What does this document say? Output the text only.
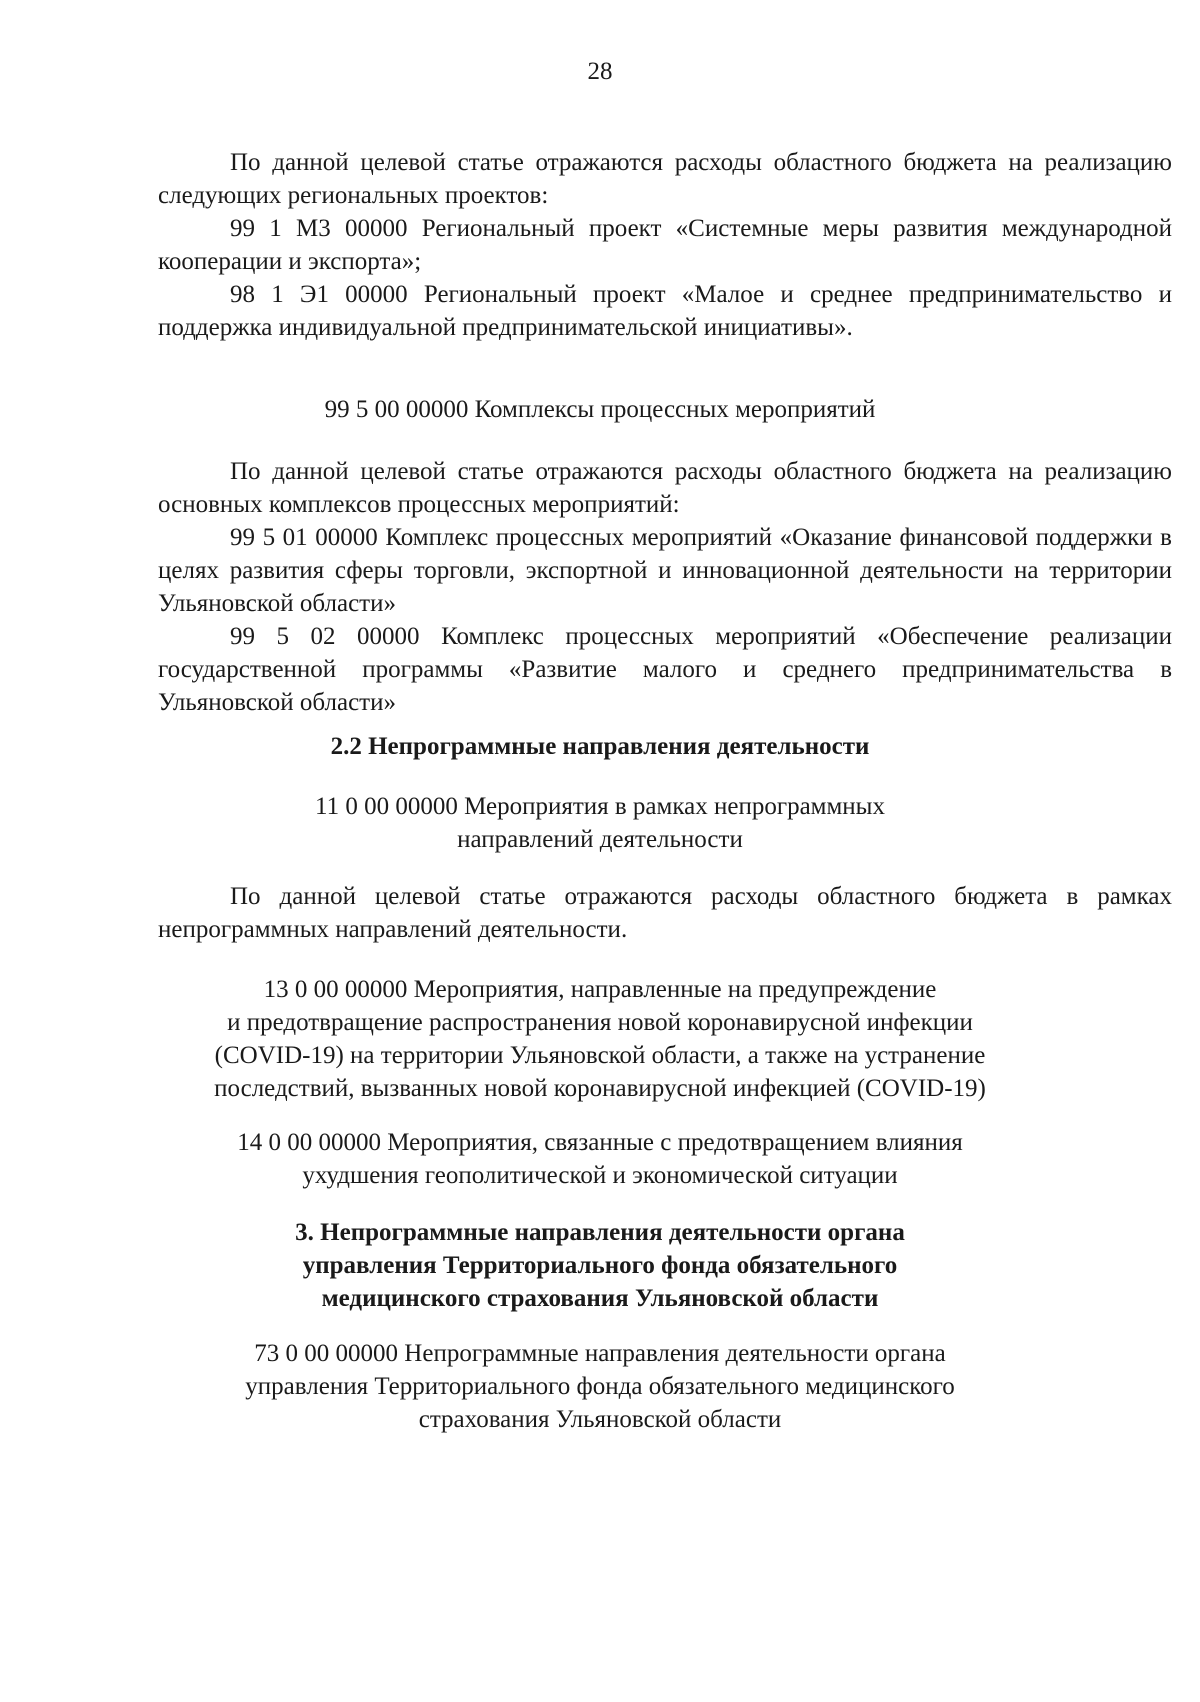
28

По данной целевой статье отражаются расходы областного бюджета на реализацию следующих региональных проектов:

99 1 М3 00000 Региональный проект «Системные меры развития международной кооперации и экспорта»;

98 1 Э1 00000 Региональный проект «Малое и среднее предпринимательство и поддержка индивидуальной предпринимательской инициативы».

99 5 00 00000 Комплексы процессных мероприятий

По данной целевой статье отражаются расходы областного бюджета на реализацию основных комплексов процессных мероприятий:

99 5 01 00000 Комплекс процессных мероприятий «Оказание финансовой поддержки в целях развития сферы торговли, экспортной и инновационной деятельности на территории Ульяновской области»

99 5 02 00000 Комплекс процессных мероприятий «Обеспечение реализации государственной программы «Развитие малого и среднего предпринимательства в Ульяновской области»

2.2 Непрограммные направления деятельности

11 0 00 00000 Мероприятия в рамках непрограммных
направлений деятельности

По данной целевой статье отражаются расходы областного бюджета в рамках непрограммных направлений деятельности.

13 0 00 00000 Мероприятия, направленные на предупреждение
и предотвращение распространения новой коронавирусной инфекции
(COVID-19) на территории Ульяновской области, а также на устранение
последствий, вызванных новой коронавирусной инфекцией (COVID-19)

14 0 00 00000 Мероприятия, связанные с предотвращением влияния
ухудшения геополитической и экономической ситуации

3. Непрограммные направления деятельности органа
управления Территориального фонда обязательного
медицинского страхования Ульяновской области

73 0 00 00000 Непрограммные направления деятельности органа
управления Территориального фонда обязательного медицинского
страхования Ульяновской области
